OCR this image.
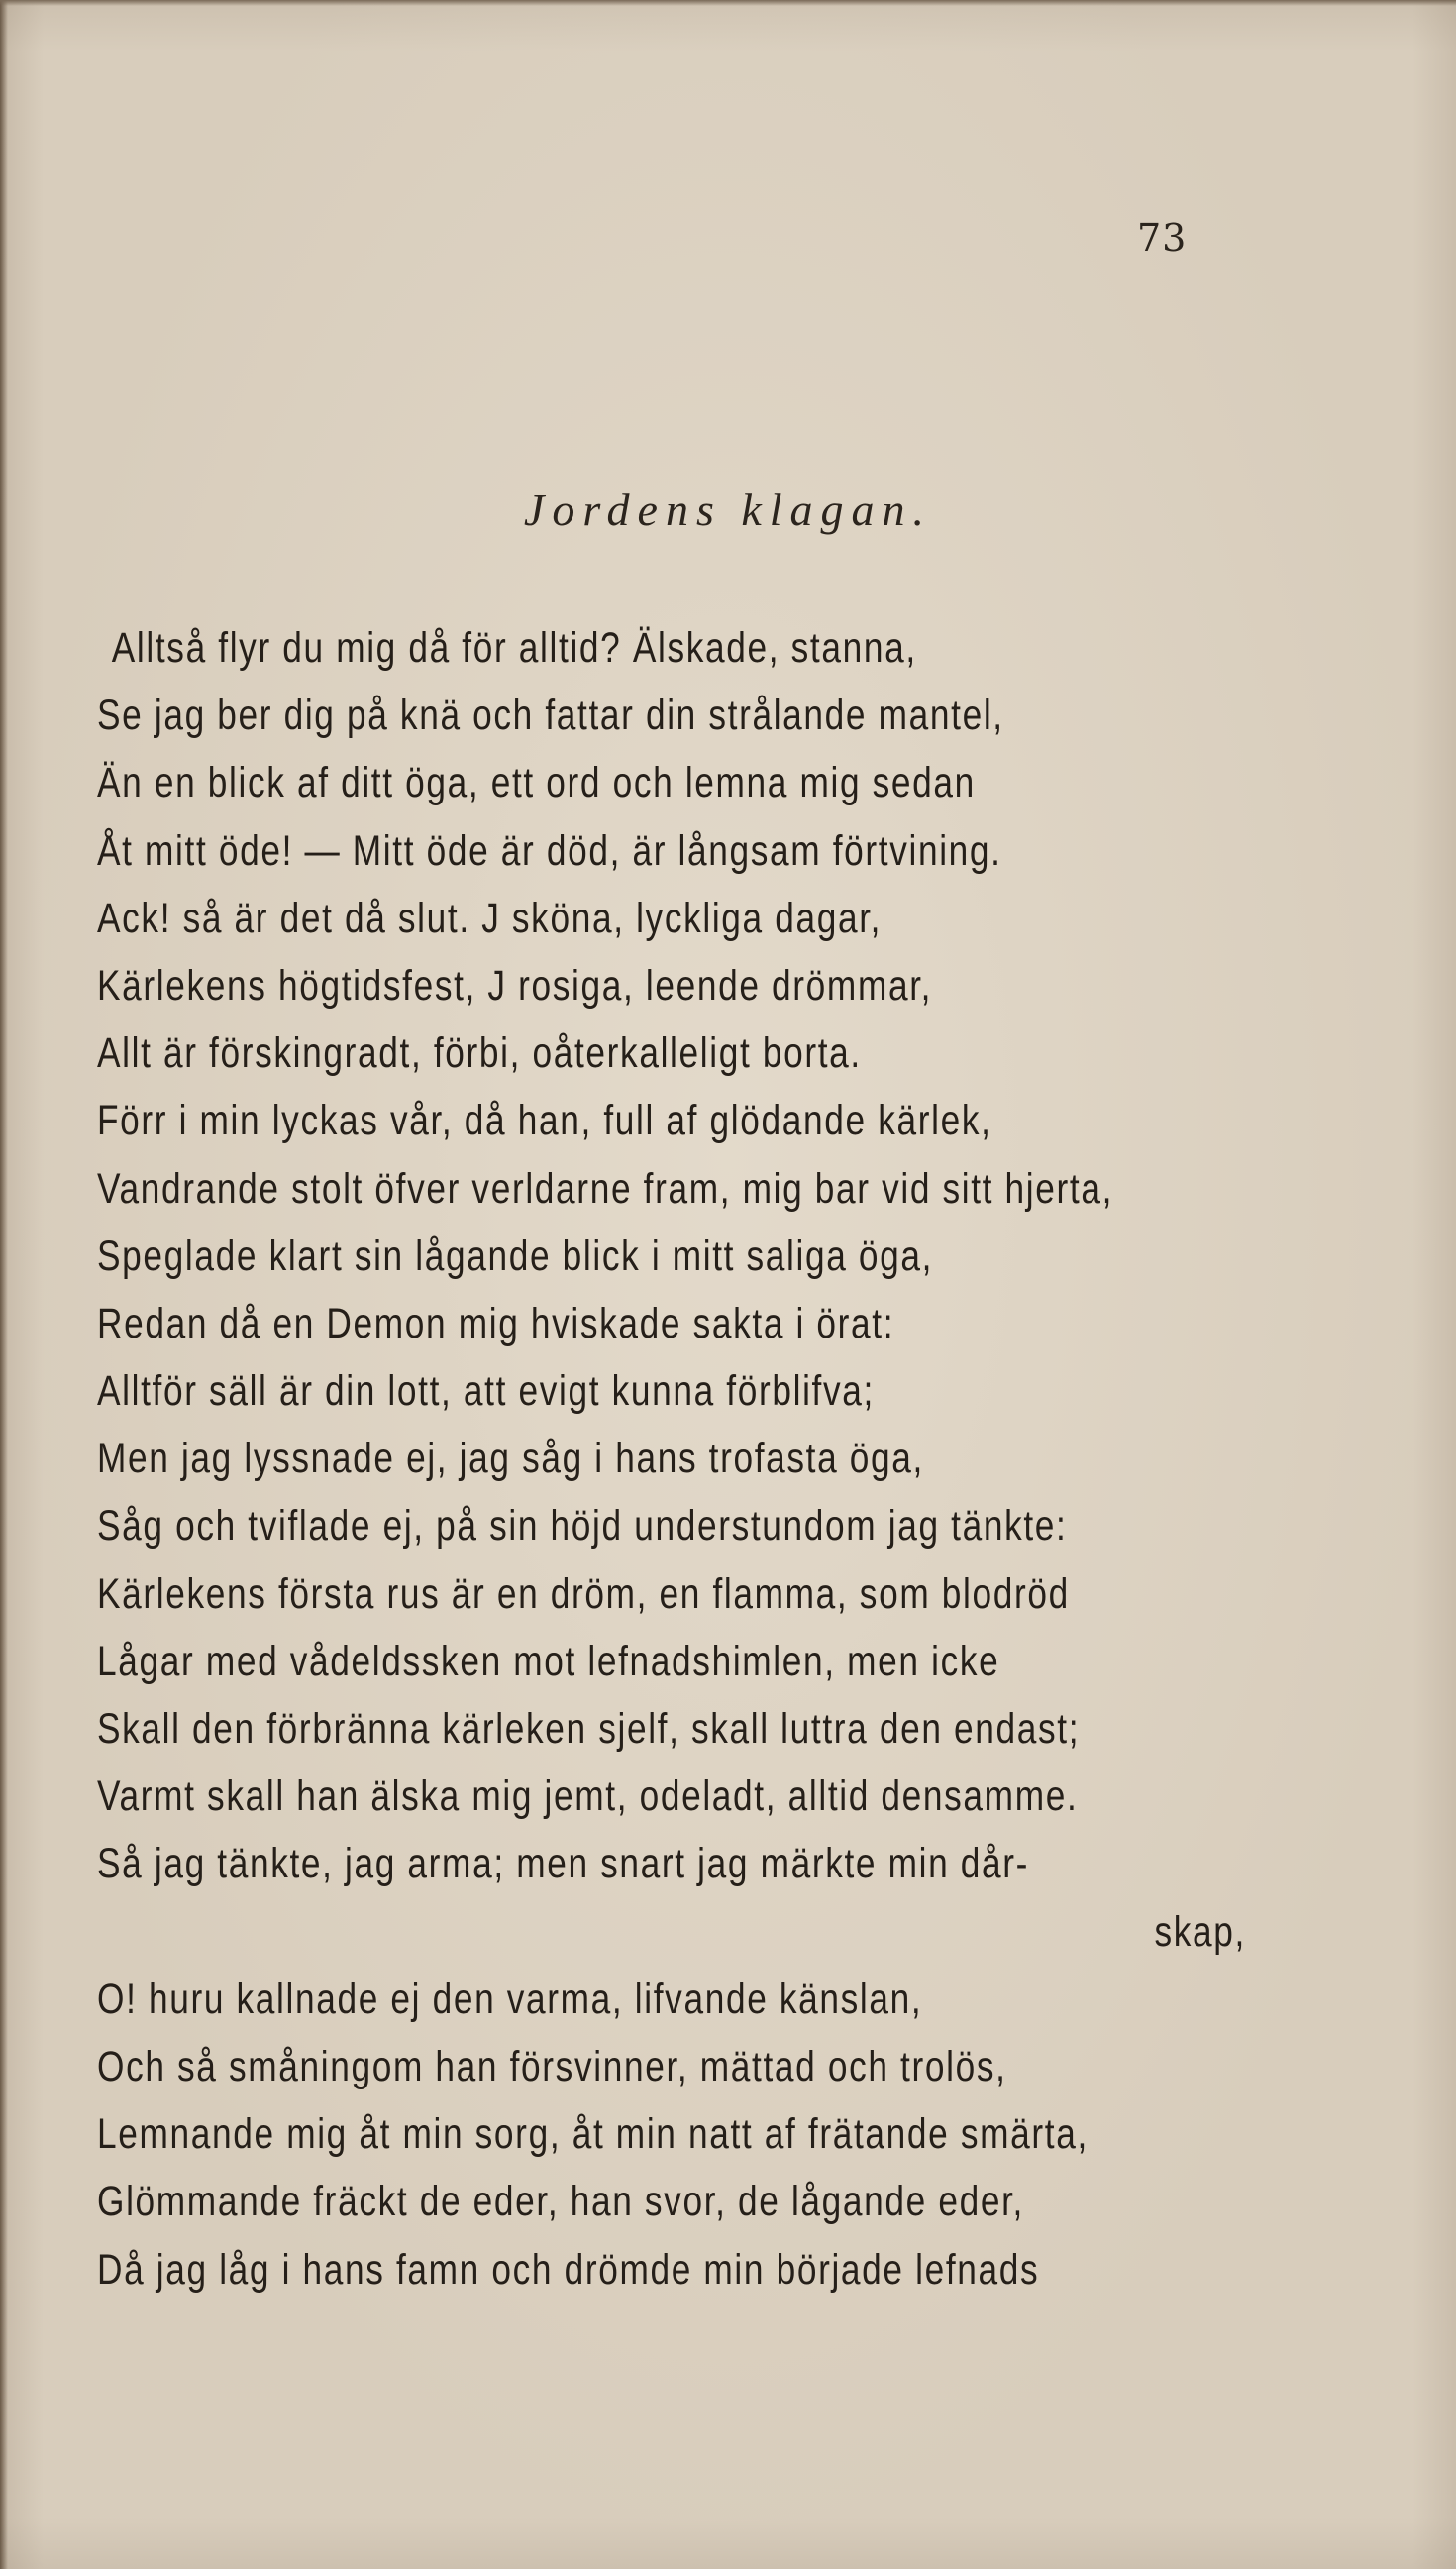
73
Jordens klagan.
Alltså flyr du mig då för alltid? Älskade, stanna,
Se jag ber dig på knä och fattar din strålande mantel,
Än en blick af ditt öga, ett ord och lemna mig sedan
Åt mitt öde! — Mitt öde är död, är långsam förtvining.
Ack! så är det då slut. J sköna, lyckliga dagar,
Kärlekens högtidsfest, J rosiga, leende drömmar,
Allt är förskingradt, förbi, oåterkalleligt borta.
Förr i min lyckas vår, då han, full af glödande kärlek,
Vandrande stolt öfver verldarne fram, mig bar vid sitt hjerta,
Speglade klart sin lågande blick i mitt saliga öga,
Redan då en Demon mig hviskade sakta i örat:
Alltför säll är din lott, att evigt kunna förblifva;
Men jag lyssnade ej, jag såg i hans trofasta öga,
Såg och tviflade ej, på sin höjd understundom jag tänkte:
Kärlekens första rus är en dröm, en flamma, som blodröd
Lågar med vådeldssken mot lefnadshimlen, men icke
Skall den förbränna kärleken sjelf, skall luttra den endast;
Varmt skall han älska mig jemt, odeladt, alltid densamme.
Så jag tänkte, jag arma; men snart jag märkte min dår-
skap,
O! huru kallnade ej den varma, lifvande känslan,
Och så småningom han försvinner, mättad och trolös,
Lemnande mig åt min sorg, åt min natt af frätande smärta,
Glömmande fräckt de eder, han svor, de lågande eder,
Då jag låg i hans famn och drömde min började lefnads
